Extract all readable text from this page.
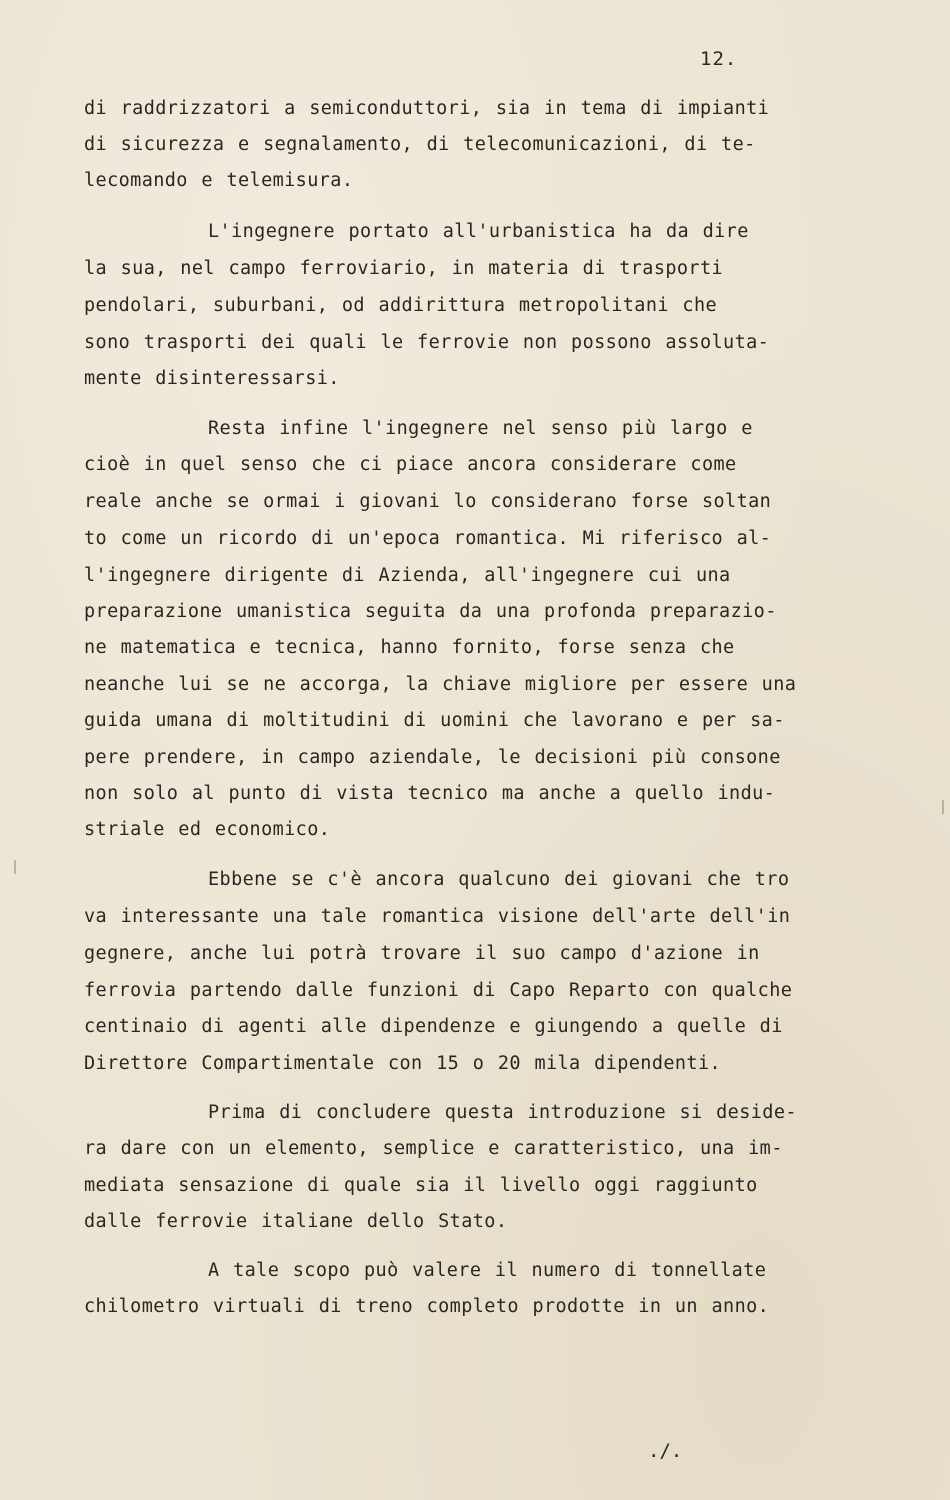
12.
di raddrizzatori a semiconduttori, sia in tema di impianti
di sicurezza e segnalamento, di telecomunicazioni, di te-
lecomando e telemisura.
L'ingegnere portato all'urbanistica ha da dire
la sua, nel campo ferroviario, in materia di trasporti
pendolari, suburbani, od addirittura metropolitani che
sono trasporti dei quali le ferrovie non possono assoluta-
mente disinteressarsi.
Resta infine l'ingegnere nel senso più largo e
cioè in quel senso che ci piace ancora considerare come
reale anche se ormai i giovani lo considerano forse soltan
to come un ricordo di un'epoca romantica. Mi riferisco al-
l'ingegnere dirigente di Azienda, all'ingegnere cui una
preparazione umanistica seguita da una profonda preparazio-
ne matematica e tecnica, hanno fornito, forse senza che
neanche lui se ne accorga, la chiave migliore per essere una
guida umana di moltitudini di uomini che lavorano e per sa-
pere prendere, in campo aziendale, le decisioni più consone
non solo al punto di vista tecnico ma anche a quello indu-
striale ed economico.
Ebbene se c'è ancora qualcuno dei giovani che tro
va interessante una tale romantica visione dell'arte dell'in
gegnere, anche lui potrà trovare il suo campo d'azione in
ferrovia partendo dalle funzioni di Capo Reparto con qualche
centinaio di agenti alle dipendenze e giungendo a quelle di
Direttore Compartimentale con 15 o 20 mila dipendenti.
Prima di concludere questa introduzione si deside-
ra dare con un elemento, semplice e caratteristico, una im-
mediata sensazione di quale sia il livello oggi raggiunto
dalle ferrovie italiane dello Stato.
A tale scopo può valere il numero di tonnellate
chilometro virtuali di treno completo prodotte in un anno.
./.
